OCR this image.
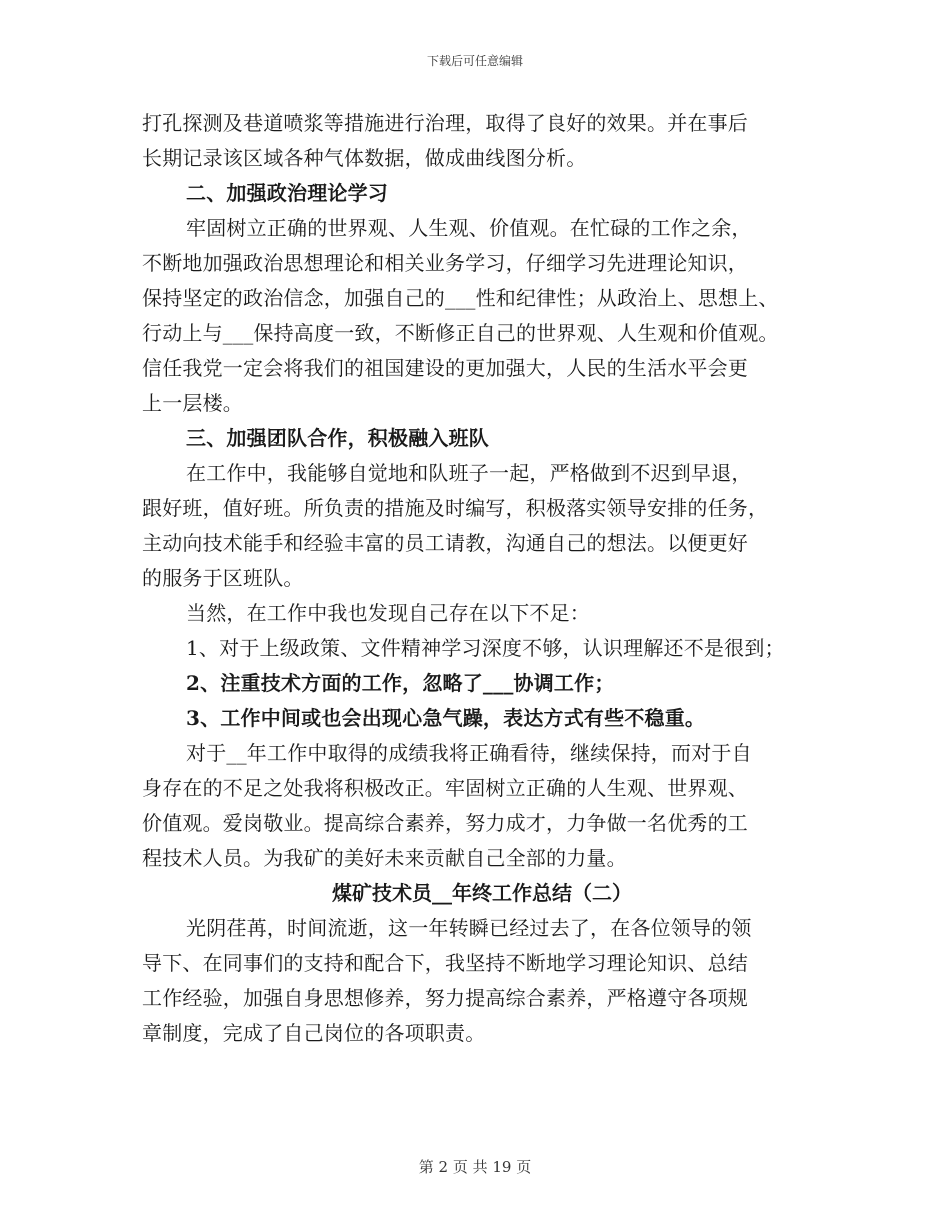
下载后可任意编辑
打孔探测及巷道喷浆等措施进行治理，取得了良好的效果。并在事后
长期记录该区域各种气体数据，做成曲线图分析。
二、加强政治理论学习
牢固树立正确的世界观、人生观、价值观。在忙碌的工作之余，
不断地加强政治思想理论和相关业务学习，仔细学习先进理论知识，
保持坚定的政治信念，加强自己的___性和纪律性；从政治上、思想上、
行动上与___保持高度一致，不断修正自己的世界观、人生观和价值观。
信任我党一定会将我们的祖国建设的更加强大，人民的生活水平会更
上一层楼。
三、加强团队合作，积极融入班队
在工作中，我能够自觉地和队班子一起，严格做到不迟到早退，
跟好班，值好班。所负责的措施及时编写，积极落实领导安排的任务，
主动向技术能手和经验丰富的员工请教，沟通自己的想法。以便更好
的服务于区班队。
当然，在工作中我也发现自己存在以下不足：
1、对于上级政策、文件精神学习深度不够，认识理解还不是很到；
2、注重技术方面的工作，忽略了___协调工作；
3、工作中间或也会出现心急气躁，表达方式有些不稳重。
对于__年工作中取得的成绩我将正确看待，继续保持，而对于自
身存在的不足之处我将积极改正。牢固树立正确的人生观、世界观、
价值观。爱岗敬业。提高综合素养，努力成才，力争做一名优秀的工
程技术人员。为我矿的美好未来贡献自己全部的力量。
煤矿技术员__年终工作总结（二）
光阴荏苒，时间流逝，这一年转瞬已经过去了，在各位领导的领
导下、在同事们的支持和配合下，我坚持不断地学习理论知识、总结
工作经验，加强自身思想修养，努力提高综合素养，严格遵守各项规
章制度，完成了自己岗位的各项职责。
第 2 页 共 19 页
